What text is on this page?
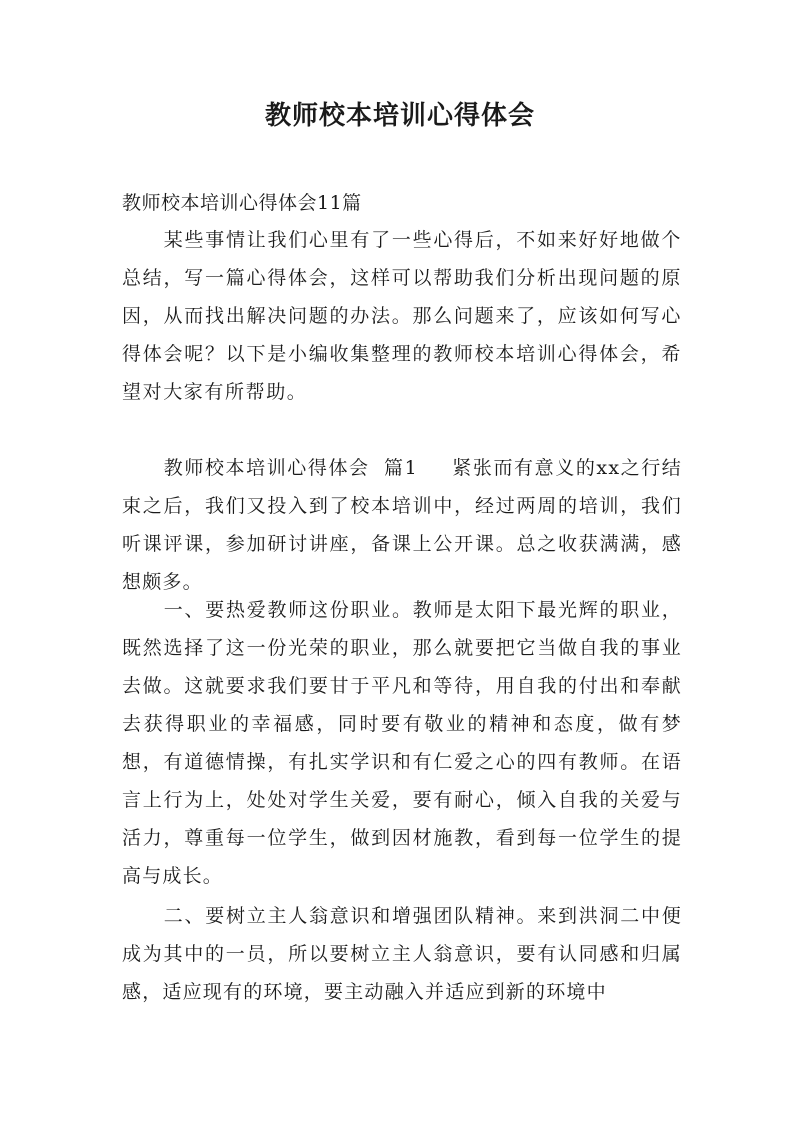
教师校本培训心得体会

教师校本培训心得体会11篇

某些事情让我们心里有了一些心得后，不如来好好地做个总结，写一篇心得体会，这样可以帮助我们分析出现问题的原因，从而找出解决问题的办法。那么问题来了，应该如何写心得体会呢？以下是小编收集整理的教师校本培训心得体会，希望对大家有所帮助。

教师校本培训心得体会 篇1 紧张而有意义的xx之行结束之后，我们又投入到了校本培训中，经过两周的培训，我们听课评课，参加研讨讲座，备课上公开课。总之收获满满，感想颇多。

一、要热爱教师这份职业。教师是太阳下最光辉的职业，既然选择了这一份光荣的职业，那么就要把它当做自我的事业去做。这就要求我们要甘于平凡和等待，用自我的付出和奉献去获得职业的幸福感，同时要有敬业的精神和态度，做有梦想，有道德情操，有扎实学识和有仁爱之心的四有教师。在语言上行为上，处处对学生关爱，要有耐心，倾入自我的关爱与活力，尊重每一位学生，做到因材施教，看到每一位学生的提高与成长。

二、要树立主人翁意识和增强团队精神。来到洪洞二中便成为其中的一员，所以要树立主人翁意识，要有认同感和归属感，适应现有的环境，要主动融入并适应到新的环境中
